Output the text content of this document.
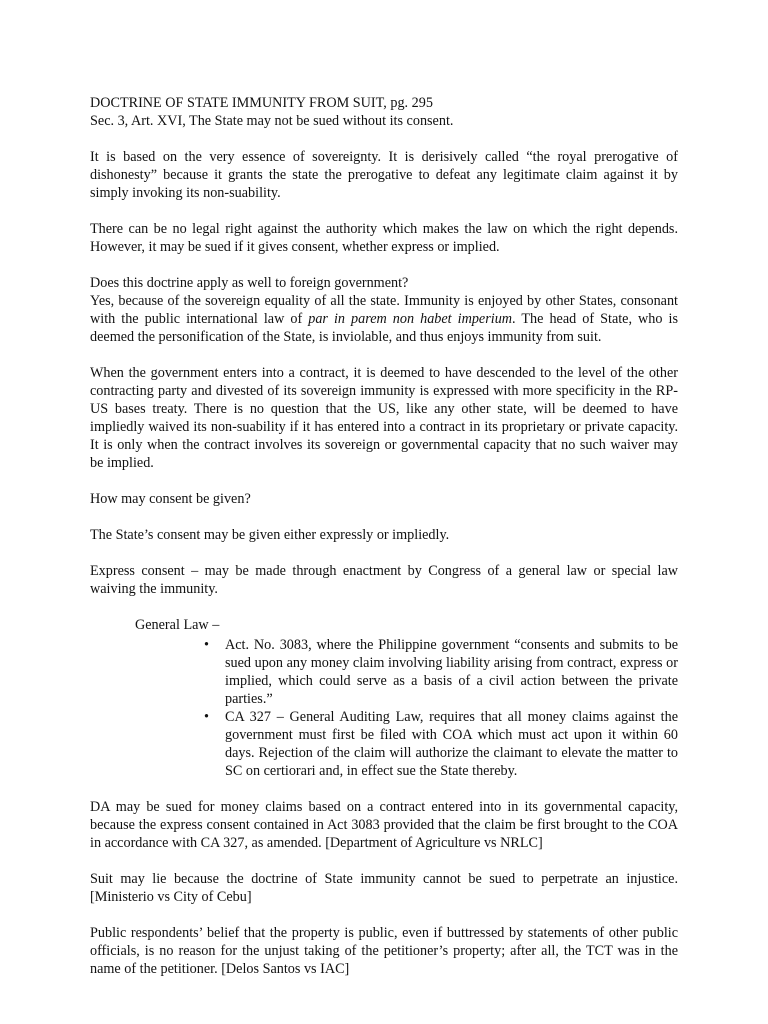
DOCTRINE OF STATE IMMUNITY FROM SUIT, pg. 295

Sec. 3, Art. XVI, The State may not be sued without its consent.

It is based on the very essence of sovereignty. It is derisively called “the royal prerogative of dishonesty” because it grants the state the prerogative to defeat any legitimate claim against it by simply invoking its non-suability.

There can be no legal right against the authority which makes the law on which the right depends. However, it may be sued if it gives consent, whether express or implied.

Does this doctrine apply as well to foreign government?

Yes, because of the sovereign equality of all the state. Immunity is enjoyed by other States, consonant with the public international law of par in parem non habet imperium. The head of State, who is deemed the personification of the State, is inviolable, and thus enjoys immunity from suit.

When the government enters into a contract, it is deemed to have descended to the level of the other contracting party and divested of its sovereign immunity is expressed with more specificity in the RP-US bases treaty. There is no question that the US, like any other state, will be deemed to have impliedly waived its non-suability if it has entered into a contract in its proprietary or private capacity. It is only when the contract involves its sovereign or governmental capacity that no such waiver may be implied.

How may consent be given?

The State’s consent may be given either expressly or impliedly.

Express consent – may be made through enactment by Congress of a general law or special law waiving the immunity.

General Law –

• Act. No. 3083, where the Philippine government “consents and submits to be sued upon any money claim involving liability arising from contract, express or implied, which could serve as a basis of a civil action between the private parties.”
• CA 327 – General Auditing Law, requires that all money claims against the government must first be filed with COA which must act upon it within 60 days. Rejection of the claim will authorize the claimant to elevate the matter to SC on certiorari and, in effect sue the State thereby.

DA may be sued for money claims based on a contract entered into in its governmental capacity, because the express consent contained in Act 3083 provided that the claim be first brought to the COA in accordance with CA 327, as amended. [Department of Agriculture vs NRLC]

Suit may lie because the doctrine of State immunity cannot be sued to perpetrate an injustice. [Ministerio vs City of Cebu]

Public respondents’ belief that the property is public, even if buttressed by statements of other public officials, is no reason for the unjust taking of the petitioner’s property; after all, the TCT was in the name of the petitioner. [Delos Santos vs IAC]
